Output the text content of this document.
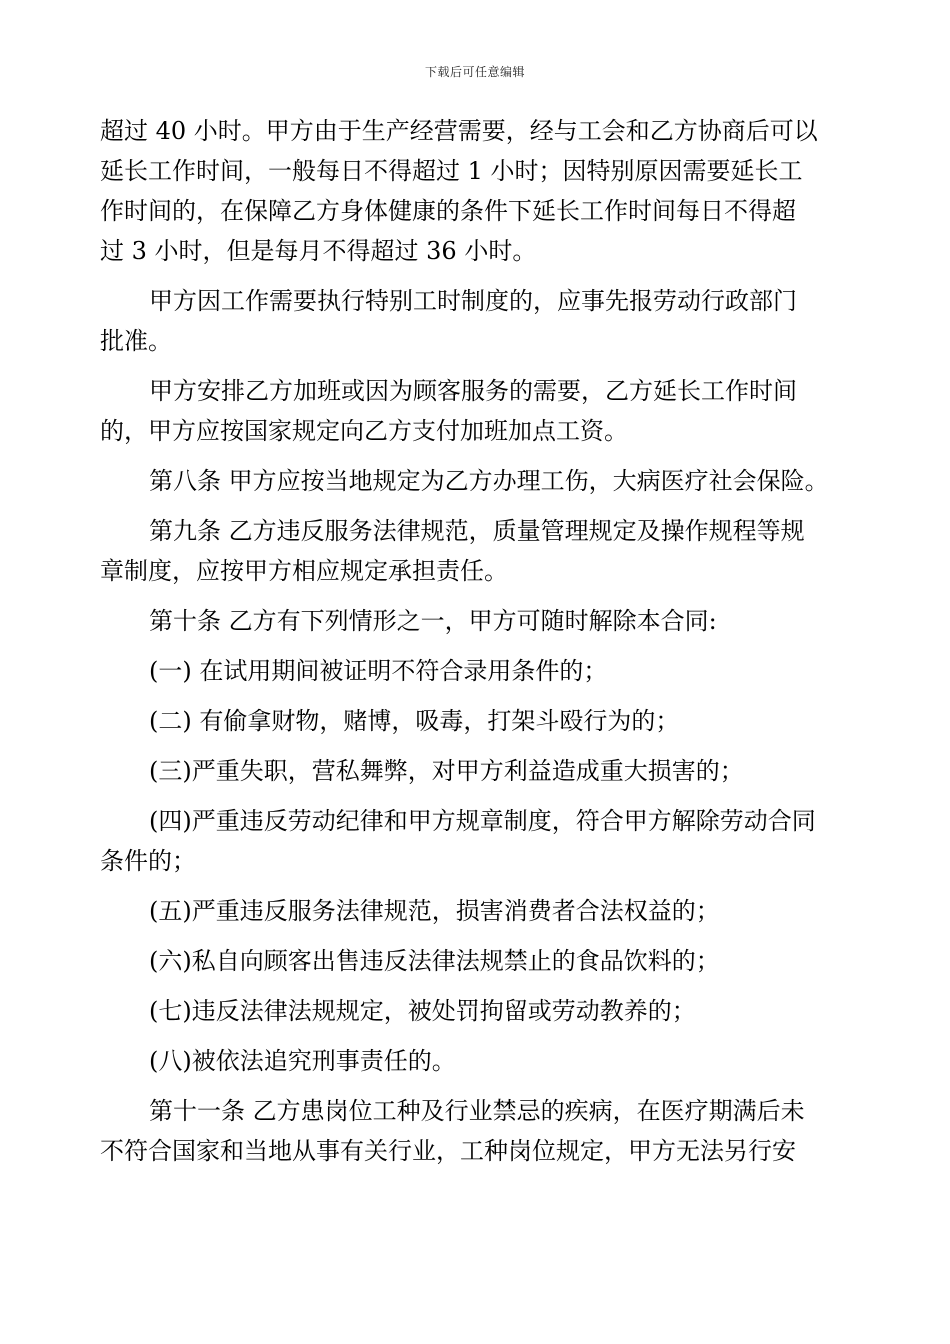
下载后可任意编辑
超过 40 小时。甲方由于生产经营需要，经与工会和乙方协商后可以
延长工作时间，一般每日不得超过 1 小时；因特别原因需要延长工
作时间的，在保障乙方身体健康的条件下延长工作时间每日不得超
过 3 小时，但是每月不得超过 36 小时。
甲方因工作需要执行特别工时制度的，应事先报劳动行政部门
批准。
甲方安排乙方加班或因为顾客服务的需要，乙方延长工作时间
的，甲方应按国家规定向乙方支付加班加点工资。
第八条 甲方应按当地规定为乙方办理工伤，大病医疗社会保险。
第九条 乙方违反服务法律规范，质量管理规定及操作规程等规
章制度，应按甲方相应规定承担责任。
第十条 乙方有下列情形之一，甲方可随时解除本合同:
(一) 在试用期间被证明不符合录用条件的；
(二) 有偷拿财物，赌博，吸毒，打架斗殴行为的；
(三)严重失职，营私舞弊，对甲方利益造成重大损害的；
(四)严重违反劳动纪律和甲方规章制度，符合甲方解除劳动合同
条件的；
(五)严重违反服务法律规范，损害消费者合法权益的；
(六)私自向顾客出售违反法律法规禁止的食品饮料的；
(七)违反法律法规规定，被处罚拘留或劳动教养的；
(八)被依法追究刑事责任的。
第十一条 乙方患岗位工种及行业禁忌的疾病，在医疗期满后未
不符合国家和当地从事有关行业，工种岗位规定，甲方无法另行安
